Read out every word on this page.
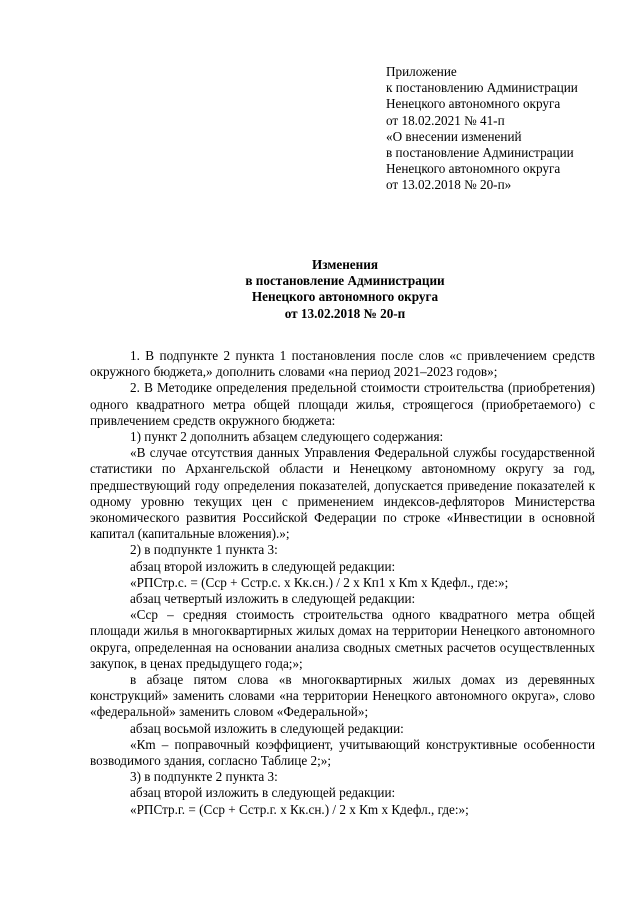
Приложение
к постановлению Администрации
Ненецкого автономного округа
от 18.02.2021 № 41-п
«О внесении изменений
в постановление Администрации
Ненецкого автономного округа
от 13.02.2018 № 20-п»
Изменения
в постановление Администрации
Ненецкого автономного округа
от 13.02.2018 № 20-п

1. В подпункте 2 пункта 1 постановления после слов «с привлечением средств окружного бюджета,» дополнить словами «на период 2021–2023 годов»;

2. В Методике определения предельной стоимости строительства (приобретения) одного квадратного метра общей площади жилья, строящегося (приобретаемого) с привлечением средств окружного бюджета:

1) пункт 2 дополнить абзацем следующего содержания:

«В случае отсутствия данных Управления Федеральной службы государственной статистики по Архангельской области и Ненецкому автономному округу за год, предшествующий году определения показателей, допускается приведение показателей к одному уровню текущих цен с применением индексов-дефляторов Министерства экономического развития Российской Федерации по строке «Инвестиции в основной капитал (капитальные вложения).»;

2) в подпункте 1 пункта 3:

абзац второй изложить в следующей редакции:

«РПСтр.с. = (Сср + Сстр.с. x Кк.сн.) / 2 x Кп1 x Кm x Кдефл., где:»;

абзац четвертый изложить в следующей редакции:

«Сср – средняя стоимость строительства одного квадратного метра общей площади жилья в многоквартирных жилых домах на территории Ненецкого автономного округа, определенная на основании анализа сводных сметных расчетов осуществленных закупок, в ценах предыдущего года;»;

в абзаце пятом слова «в многоквартирных жилых домах из деревянных конструкций» заменить словами «на территории Ненецкого автономного округа», слово «федеральной» заменить словом «Федеральной»;

абзац восьмой изложить в следующей редакции:

«Кm – поправочный коэффициент, учитывающий конструктивные особенности возводимого здания, согласно Таблице 2;»;

3) в подпункте 2 пункта 3:

абзац второй изложить в следующей редакции:

«РПСтр.г. = (Сср + Сстр.г. x Кк.сн.) / 2 x Кm x Кдефл., где:»;
